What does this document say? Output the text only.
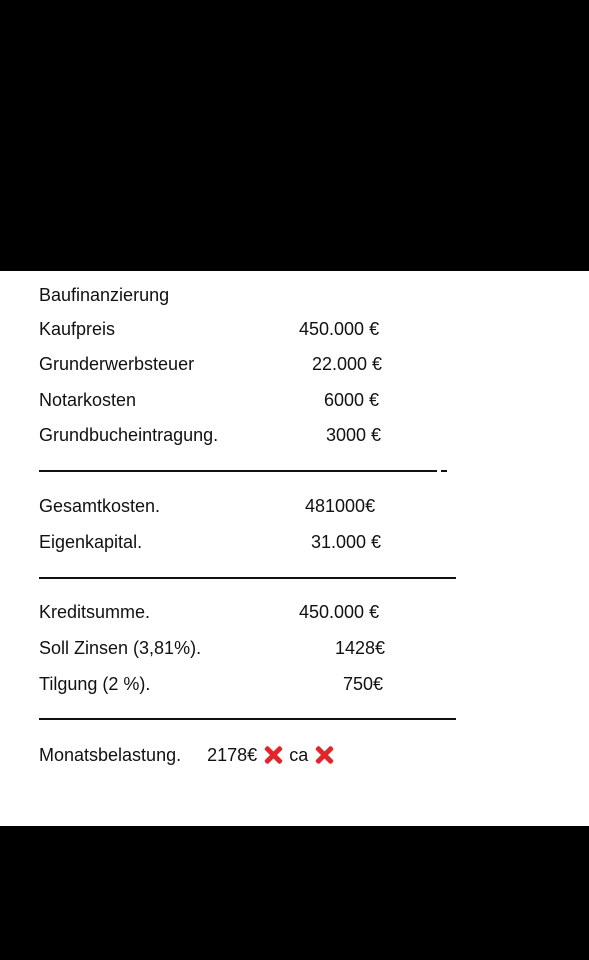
Baufinanzierung
Kaufpreis	450.000 €
Grunderwerbsteuer	22.000 €
Notarkosten	6000 €
Grundbucheintragung.	3000 €
Gesamtkosten.	481000€
Eigenkapital.	31.000 €
Kreditsumme.	450.000 €
Soll Zinsen (3,81%).	1428€
Tilgung (2 %).	750€
Monatsbelastung. 2178€ ca
